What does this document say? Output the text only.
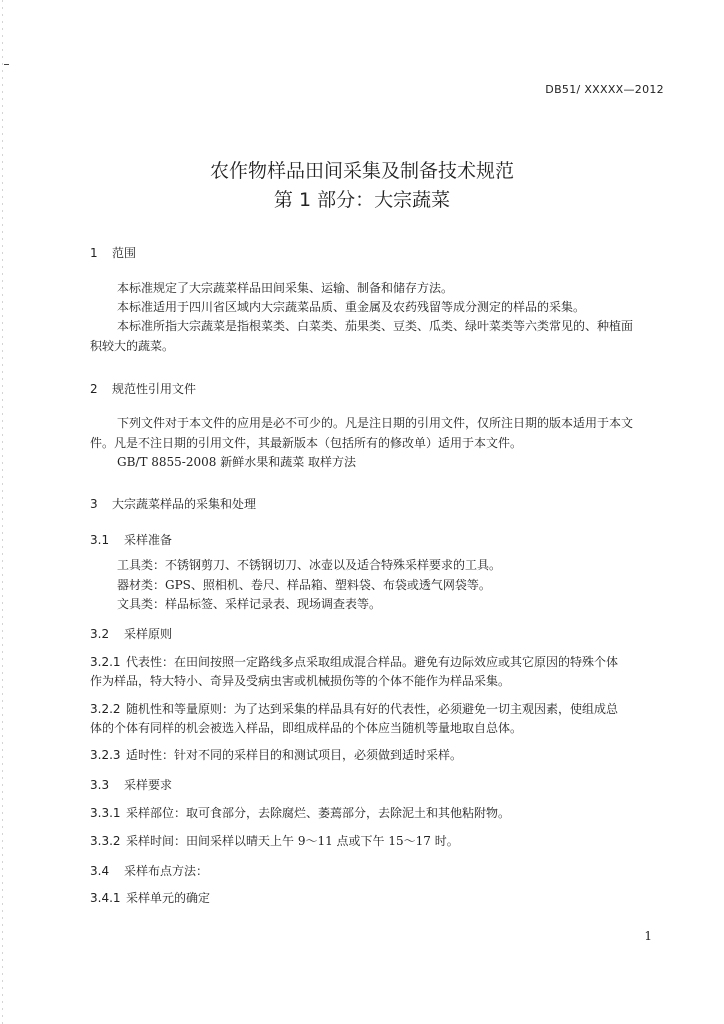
DB51/ XXXXX—2012
农作物样品田间采集及制备技术规范
第 1 部分：大宗蔬菜
1 范围
本标准规定了大宗蔬菜样品田间采集、运输、制备和储存方法。
本标准适用于四川省区域内大宗蔬菜品质、重金属及农药残留等成分测定的样品的采集。
本标准所指大宗蔬菜是指根菜类、白菜类、茄果类、豆类、瓜类、绿叶菜类等六类常见的、种植面
积较大的蔬菜。
2 规范性引用文件
下列文件对于本文件的应用是必不可少的。凡是注日期的引用文件，仅所注日期的版本适用于本文
件。凡是不注日期的引用文件，其最新版本（包括所有的修改单）适用于本文件。
GB/T 8855-2008 新鲜水果和蔬菜 取样方法
3 大宗蔬菜样品的采集和处理
3.1 采样准备
工具类：不锈钢剪刀、不锈钢切刀、冰壶以及适合特殊采样要求的工具。
器材类：GPS、照相机、卷尺、样品箱、塑料袋、布袋或透气网袋等。
文具类：样品标签、采样记录表、现场调查表等。
3.2 采样原则
3.2.1 代表性：在田间按照一定路线多点采取组成混合样品。避免有边际效应或其它原因的特殊个体
作为样品，特大特小、奇异及受病虫害或机械损伤等的个体不能作为样品采集。
3.2.2 随机性和等量原则：为了达到采集的样品具有好的代表性，必须避免一切主观因素，使组成总
体的个体有同样的机会被选入样品，即组成样品的个体应当随机等量地取自总体。
3.2.3 适时性：针对不同的采样目的和测试项目，必须做到适时采样。
3.3 采样要求
3.3.1 采样部位：取可食部分，去除腐烂、萎蔫部分，去除泥土和其他粘附物。
3.3.2 采样时间：田间采样以晴天上午 9～11 点或下午 15～17 时。
3.4 采样布点方法：
3.4.1 采样单元的确定
1
